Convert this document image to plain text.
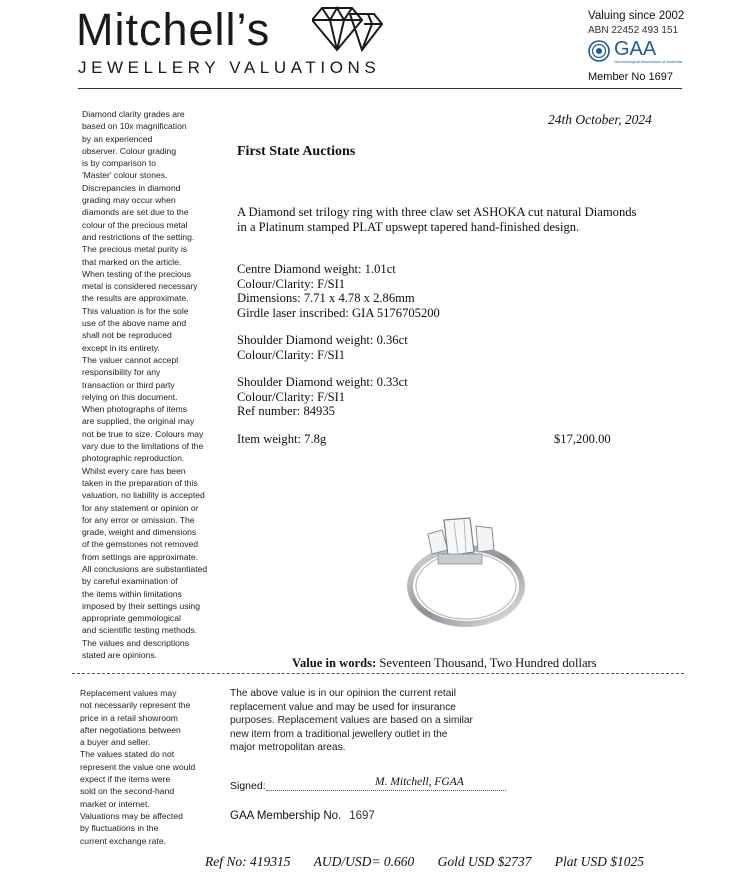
Mitchell’s
JEWELLERY VALUATIONS
Valuing since 2002
ABN 22452 493 151
GAA
Gemmological Association of Australia
Member No 1697
Diamond clarity grades are
based on 10x magnification
by an experienced
observer. Colour grading
is by comparison to
'Master' colour stones.
Discrepancies in diamond
grading may occur when
diamonds are set due to the
colour of the precious metal
and restrictions of the setting.
The precious metal purity is
that marked on the article.
When testing of the precious
metal is considered necessary
the results are approximate.
This valuation is for the sole
use of the above name and
shall not be reproduced
except in its entirety.
The valuer cannot accept
responsibility for any
transaction or third party
relying on this document.
When photographs of items
are supplied, the original may
not be true to size. Colours may
vary due to the limitations of the
photographic reproduction.
Whilst every care has been
taken in the preparation of this
valuation, no liability is accepted
for any statement or opinion or
for any error or omission. The
grade, weight and dimensions
of the gemstones not removed
from settings are approximate.
All conclusions are substantiated
by careful examination of
the items within limitations
imposed by their settings using
appropriate gemmological
and scientific testing methods.
The values and descriptions
stated are opinions.
Replacement values may
not necessarily represent the
price in a retail showroom
after negotiations between
a buyer and seller.
The values stated do not
represent the value one would
expect if the items were
sold on the second-hand
market or internet.
Valuations may be affected
by fluctuations in the
current exchange rate.
24th October, 2024
First State Auctions
A Diamond set trilogy ring with three claw set ASHOKA cut natural Diamonds
in a Platinum stamped PLAT upswept tapered hand-finished design.
Centre Diamond weight: 1.01ct
Colour/Clarity: F/SI1
Dimensions: 7.71 x 4.78 x 2.86mm
Girdle laser inscribed: GIA 5176705200
Shoulder Diamond weight: 0.36ct
Colour/Clarity: F/SI1
Shoulder Diamond weight: 0.33ct
Colour/Clarity: F/SI1
Ref number: 84935
Item weight: 7.8g	$17,200.00
Value in words: Seventeen Thousand, Two Hundred dollars
The above value is in our opinion the current retail
replacement value and may be used for insurance
purposes. Replacement values are based on a similar
new item from a traditional jewellery outlet in the
major metropolitan areas.
Signed:	M. Mitchell, FGAA
GAA Membership No. 1697
Ref No: 419315 AUD/USD= 0.660 Gold USD $2737 Plat USD $1025
